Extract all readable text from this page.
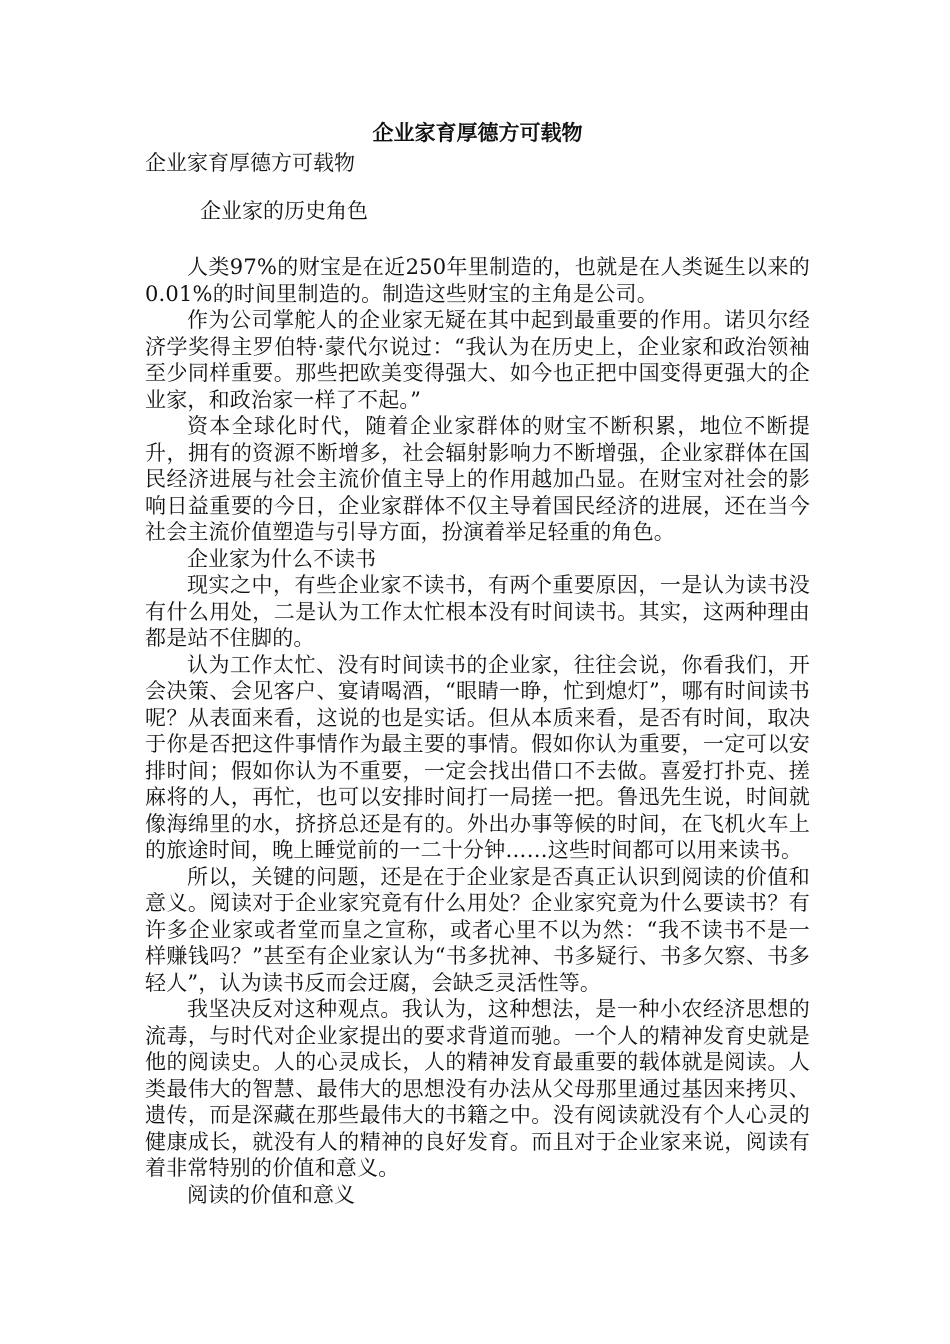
企业家育厚德方可载物

企业家育厚德方可载物

企业家的历史角色

人类97%的财宝是在近250年里制造的，也就是在人类诞生以来的0.01%的时间里制造的。制造这些财宝的主角是公司。

作为公司掌舵人的企业家无疑在其中起到最重要的作用。诺贝尔经济学奖得主罗伯特·蒙代尔说过：“我认为在历史上，企业家和政治领袖至少同样重要。那些把欧美变得强大、如今也正把中国变得更强大的企业家，和政治家一样了不起。”

资本全球化时代，随着企业家群体的财宝不断积累，地位不断提升，拥有的资源不断增多，社会辐射影响力不断增强，企业家群体在国民经济进展与社会主流价值主导上的作用越加凸显。在财宝对社会的影响日益重要的今日，企业家群体不仅主导着国民经济的进展，还在当今社会主流价值塑造与引导方面，扮演着举足轻重的角色。

企业家为什么不读书

现实之中，有些企业家不读书，有两个重要原因，一是认为读书没有什么用处，二是认为工作太忙根本没有时间读书。其实，这两种理由都是站不住脚的。

认为工作太忙、没有时间读书的企业家，往往会说，你看我们，开会决策、会见客户、宴请喝酒，“眼睛一睁，忙到熄灯”，哪有时间读书呢？从表面来看，这说的也是实话。但从本质来看，是否有时间，取决于你是否把这件事情作为最主要的事情。假如你认为重要，一定可以安排时间；假如你认为不重要，一定会找出借口不去做。喜爱打扑克、搓麻将的人，再忙，也可以安排时间打一局搓一把。鲁迅先生说，时间就像海绵里的水，挤挤总还是有的。外出办事等候的时间，在飞机火车上的旅途时间，晚上睡觉前的一二十分钟……这些时间都可以用来读书。

所以，关键的问题，还是在于企业家是否真正认识到阅读的价值和意义。阅读对于企业家究竟有什么用处？企业家究竟为什么要读书？有许多企业家或者堂而皇之宣称，或者心里不以为然：“我不读书不是一样赚钱吗？”甚至有企业家认为“书多扰神、书多疑行、书多欠察、书多轻人”，认为读书反而会迂腐，会缺乏灵活性等。

我坚决反对这种观点。我认为，这种想法，是一种小农经济思想的流毒，与时代对企业家提出的要求背道而驰。一个人的精神发育史就是他的阅读史。人的心灵成长，人的精神发育最重要的载体就是阅读。人类最伟大的智慧、最伟大的思想没有办法从父母那里通过基因来拷贝、遗传，而是深藏在那些最伟大的书籍之中。没有阅读就没有个人心灵的健康成长，就没有人的精神的良好发育。而且对于企业家来说，阅读有着非常特别的价值和意义。

阅读的价值和意义
